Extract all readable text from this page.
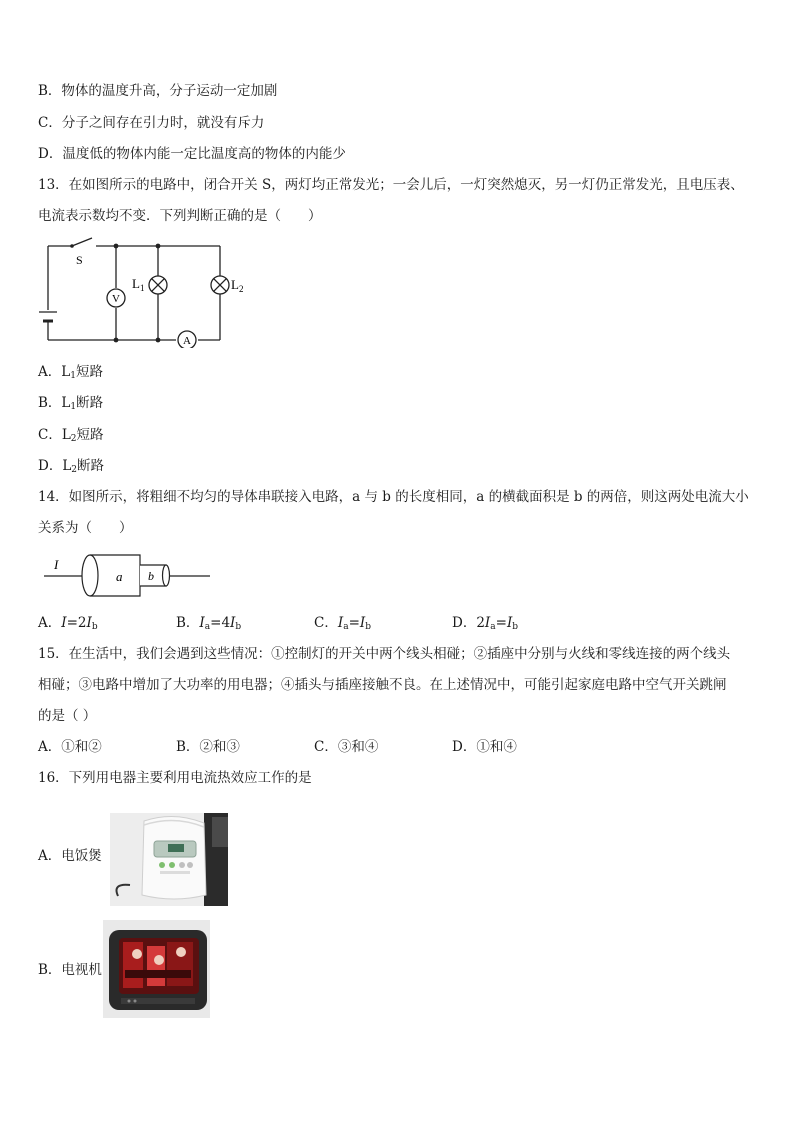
B．物体的温度升高，分子运动一定加剧
C．分子之间存在引力时，就没有斥力
D．温度低的物体内能一定比温度高的物体的内能少
13．在如图所示的电路中，闭合开关 S，两灯均正常发光；一会儿后，一灯突然熄灭，另一灯仍正常发光，且电压表、
电流表示数均不变．下列判断正确的是（　　）
S
V
A
$L_1$	$L_2$
A．$L_1$短路
B．$L_1$断路
C．$L_2$短路
D．$L_2$断路
14．如图所示，将粗细不均匀的导体串联接入电路，a 与 b 的长度相同，a 的横截面积是 b 的两倍，则这两处电流大小
关系为（　　）
I
a b
A．$I=2I_b$	B．$I_a=4I_b$	C．$I_a=I_b$	D．$2I_a=I_b$
15．在生活中，我们会遇到这些情况：①控制灯的开关中两个线头相碰；②插座中分别与火线和零线连接的两个线头
相碰；③电路中增加了大功率的用电器；④插头与插座接触不良。在上述情况中，可能引起家庭电路中空气开关跳闸
的是（ ）
A．①和②	B．②和③	C．③和④	D．①和④
16．下列用电器主要利用电流热效应工作的是
A．电饭煲
B．电视机
